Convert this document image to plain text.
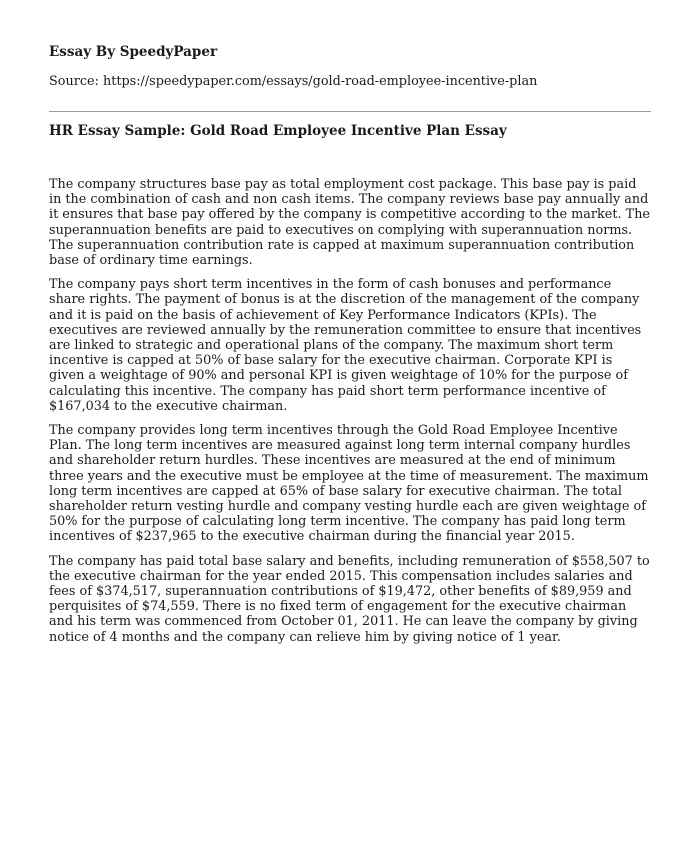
Essay By SpeedyPaper
Source: https://speedypaper.com/essays/gold-road-employee-incentive-plan
HR Essay Sample: Gold Road Employee Incentive Plan Essay

The company structures base pay as total employment cost package. This base pay is paid in the combination of cash and non cash items. The company reviews base pay annually and it ensures that base pay offered by the company is competitive according to the market. The superannuation benefits are paid to executives on complying with superannuation norms. The superannuation contribution rate is capped at maximum superannuation contribution base of ordinary time earnings.

The company pays short term incentives in the form of cash bonuses and performance share rights. The payment of bonus is at the discretion of the management of the company and it is paid on the basis of achievement of Key Performance Indicators (KPIs). The executives are reviewed annually by the remuneration committee to ensure that incentives are linked to strategic and operational plans of the company. The maximum short term incentive is capped at 50% of base salary for the executive chairman. Corporate KPI is given a weightage of 90% and personal KPI is given weightage of 10% for the purpose of calculating this incentive. The company has paid short term performance incentive of $167,034 to the executive chairman.

The company provides long term incentives through the Gold Road Employee Incentive Plan. The long term incentives are measured against long term internal company hurdles and shareholder return hurdles. These incentives are measured at the end of minimum three years and the executive must be employee at the time of measurement. The maximum long term incentives are capped at 65% of base salary for executive chairman. The total shareholder return vesting hurdle and company vesting hurdle each are given weightage of 50% for the purpose of calculating long term incentive. The company has paid long term incentives of $237,965 to the executive chairman during the financial year 2015.

The company has paid total base salary and benefits, including remuneration of $558,507 to the executive chairman for the year ended 2015. This compensation includes salaries and fees of $374,517, superannuation contributions of $19,472, other benefits of $89,959 and perquisites of $74,559. There is no fixed term of engagement for the executive chairman and his term was commenced from October 01, 2011. He can leave the company by giving notice of 4 months and the company can relieve him by giving notice of 1 year.
